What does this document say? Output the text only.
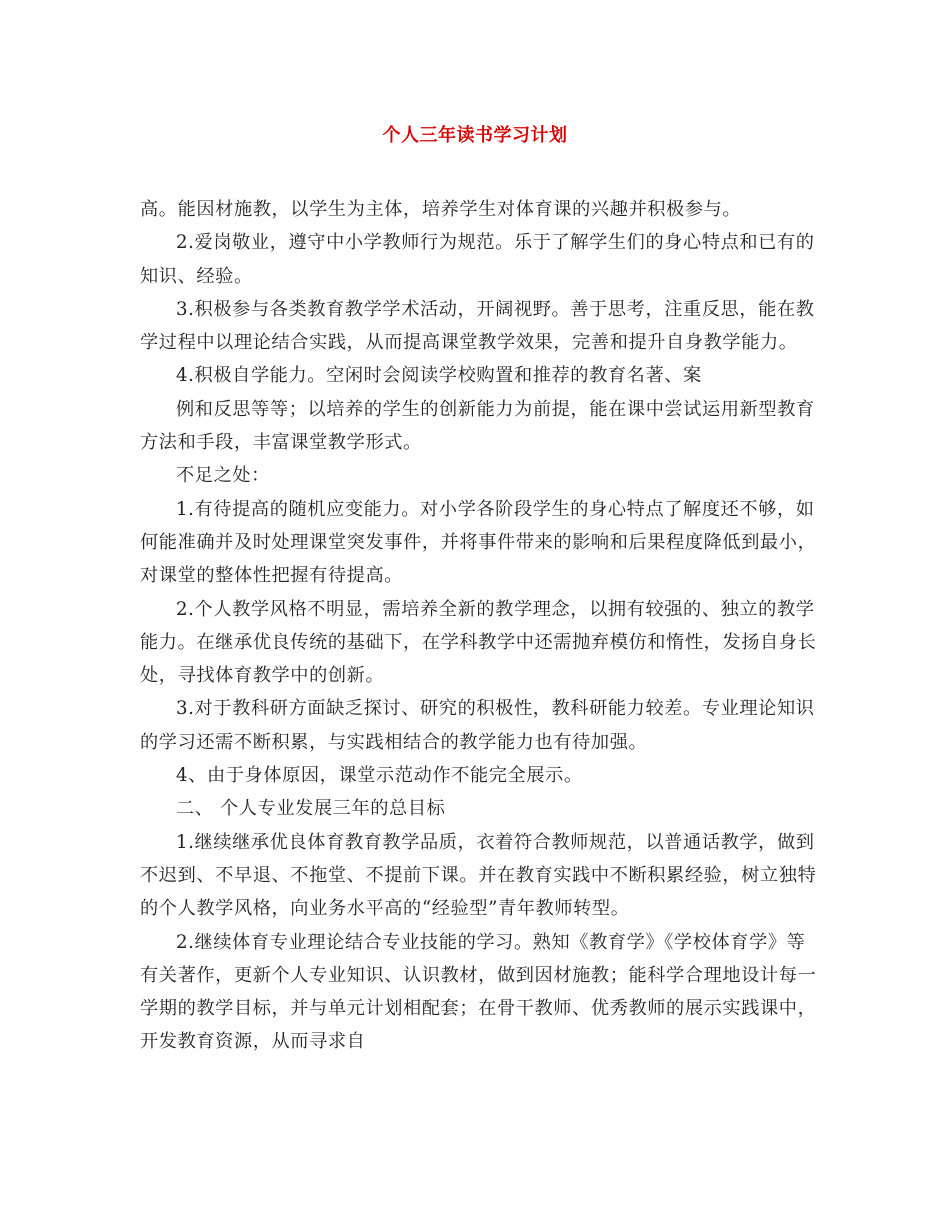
个人三年读书学习计划
高。能因材施教，以学生为主体，培养学生对体育课的兴趣并积极参与。
2.爱岗敬业，遵守中小学教师行为规范。乐于了解学生们的身心特点和已有的
知识、经验。
3.积极参与各类教育教学学术活动，开阔视野。善于思考，注重反思，能在教
学过程中以理论结合实践，从而提高课堂教学效果，完善和提升自身教学能力。
4.积极自学能力。空闲时会阅读学校购置和推荐的教育名著、案
例和反思等等；以培养的学生的创新能力为前提，能在课中尝试运用新型教育
方法和手段，丰富课堂教学形式。
不足之处：
1.有待提高的随机应变能力。对小学各阶段学生的身心特点了解度还不够，如
何能准确并及时处理课堂突发事件，并将事件带来的影响和后果程度降低到最小，
对课堂的整体性把握有待提高。
2.个人教学风格不明显，需培养全新的教学理念，以拥有较强的、独立的教学
能力。在继承优良传统的基础下，在学科教学中还需抛弃模仿和惰性，发扬自身长
处，寻找体育教学中的创新。
3.对于教科研方面缺乏探讨、研究的积极性，教科研能力较差。专业理论知识
的学习还需不断积累，与实践相结合的教学能力也有待加强。
4、由于身体原因，课堂示范动作不能完全展示。
二、 个人专业发展三年的总目标
1.继续继承优良体育教育教学品质，衣着符合教师规范，以普通话教学，做到
不迟到、不早退、不拖堂、不提前下课。并在教育实践中不断积累经验，树立独特
的个人教学风格，向业务水平高的“经验型”青年教师转型。
2.继续体育专业理论结合专业技能的学习。熟知《教育学》《学校体育学》等
有关著作，更新个人专业知识、认识教材，做到因材施教；能科学合理地设计每一
学期的教学目标，并与单元计划相配套；在骨干教师、优秀教师的展示实践课中，
开发教育资源，从而寻求自
